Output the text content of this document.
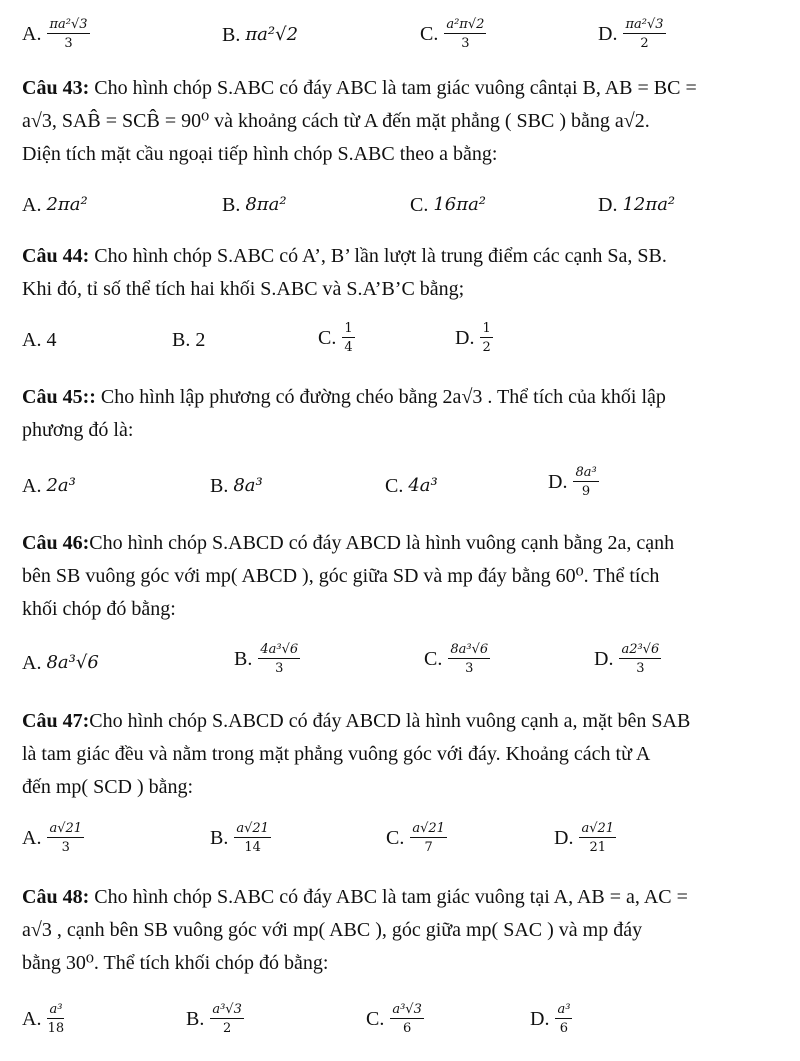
A. $\frac{\text{πa²√3}}{3}$	B.
πa²√2	C. $\frac{\text{a²π√2}}{3}$	D. $\frac{\text{πa²√3}}{2}$
Câu 43: Cho hình chóp S.ABC có đáy ABC là tam giác vuông cântại B, AB = BC =
a√3, SAB̂ = SCB̂ = 90⁰ và khoảng cách từ A đến mặt phẳng ( SBC ) bằng a√2.
Diện tích mặt cầu ngoại tiếp hình chóp S.ABC theo a bằng:
A.
2πa²	B.
8πa²	C.
16πa²	D.
12πa²
Câu 44: Cho hình chóp S.ABC có A’, B’ lần lượt là trung điểm các cạnh Sa, SB.
Khi đó, tỉ số thể tích hai khối S.ABC và S.A’B’C bằng;
A.
4	B.
2	C. $\frac{1}{4}$	D. $\frac{1}{2}$
Câu 45:: Cho hình lập phương có đường chéo bằng 2a√3 . Thể tích của khối lập
phương đó là:
A.
2a³	B.
8a³	C.
4a³	D. $\frac{\text{8a³}}{9}$
Câu 46:Cho hình chóp S.ABCD có đáy ABCD là hình vuông cạnh bằng 2a, cạnh
bên SB vuông góc với mp( ABCD ), góc giữa SD và mp đáy bằng 60⁰. Thể tích
khối chóp đó bằng:
A.
8a³√6	B. $\frac{\text{4a³√6}}{3}$	C. $\frac{\text{8a³√6}}{3}$	D. $\frac{\text{a2³√6}}{3}$
Câu 47:Cho hình chóp S.ABCD có đáy ABCD là hình vuông cạnh a, mặt bên SAB
là tam giác đều và nằm trong mặt phẳng vuông góc với đáy. Khoảng cách từ A
đến mp( SCD ) bằng:
A. $\frac{a√21}{3}$	B. $\frac{a√21}{14}$	C. $\frac{a√21}{7}$	D. $\frac{a√21}{21}$
Câu 48: Cho hình chóp S.ABC có đáy ABC là tam giác vuông tại A, AB = a, AC =
a√3 , cạnh bên SB vuông góc với mp( ABC ), góc giữa mp( SAC ) và mp đáy
bằng 30⁰. Thể tích khối chóp đó bằng:
A. $\frac{\text{a³}}{18}$	B. $\frac{\text{a³√3}}{2}$	C. $\frac{\text{a³√3}}{6}$	D. $\frac{\text{a³}}{6}$
